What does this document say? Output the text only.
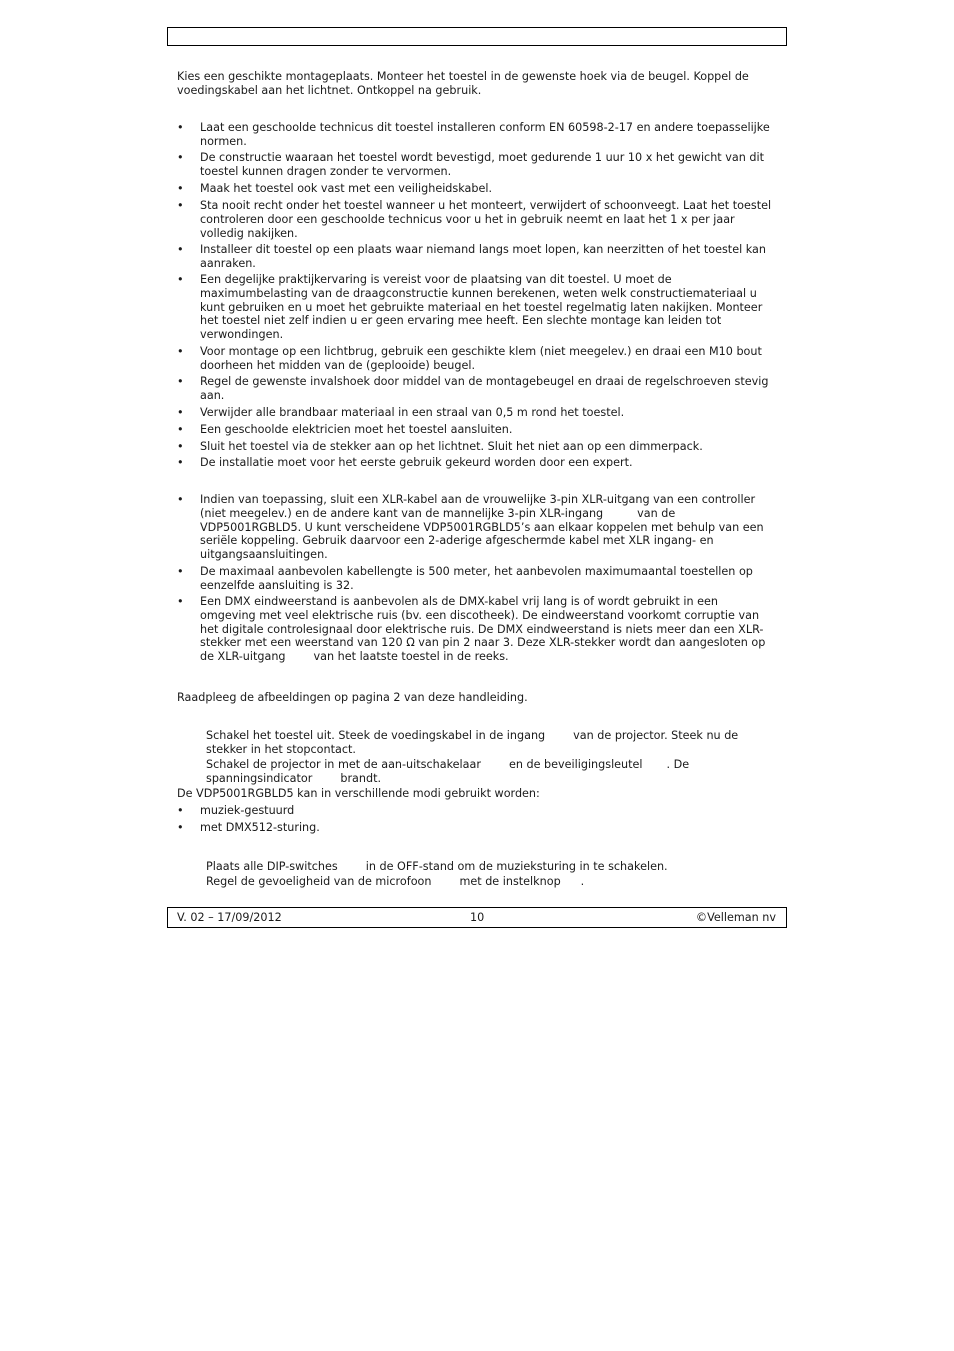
Kies een geschikte montageplaats. Monteer het toestel in de gewenste hoek via de beugel. Koppel de voedingskabel aan het lichtnet. Ontkoppel na gebruik.

• Laat een geschoolde technicus dit toestel installeren conform EN 60598-2-17 en andere toepasselijke normen.
• De constructie waaraan het toestel wordt bevestigd, moet gedurende 1 uur 10 x het gewicht van dit toestel kunnen dragen zonder te vervormen.
• Maak het toestel ook vast met een veiligheidskabel.
• Sta nooit recht onder het toestel wanneer u het monteert, verwijdert of schoonveegt. Laat het toestel controleren door een geschoolde technicus voor u het in gebruik neemt en laat het 1 x per jaar volledig nakijken.
• Installeer dit toestel op een plaats waar niemand langs moet lopen, kan neerzitten of het toestel kan aanraken.
• Een degelijke praktijkervaring is vereist voor de plaatsing van dit toestel. U moet de maximumbelasting van de draagconstructie kunnen berekenen, weten welk constructiemateriaal u kunt gebruiken en u moet het gebruikte materiaal en het toestel regelmatig laten nakijken. Monteer het toestel niet zelf indien u er geen ervaring mee heeft. Een slechte montage kan leiden tot verwondingen.
• Voor montage op een lichtbrug, gebruik een geschikte klem (niet meegelev.) en draai een M10 bout doorheen het midden van de (geplooide) beugel.
• Regel de gewenste invalshoek door middel van de montagebeugel en draai de regelschroeven stevig aan.
• Verwijder alle brandbaar materiaal in een straal van 0,5 m rond het toestel.
• Een geschoolde elektricien moet het toestel aansluiten.
• Sluit het toestel via de stekker aan op het lichtnet. Sluit het niet aan op een dimmerpack.
• De installatie moet voor het eerste gebruik gekeurd worden door een expert.
• Indien van toepassing, sluit een XLR-kabel aan de vrouwelijke 3-pin XLR-uitgang van een controller
(niet meegelev.) en de andere kant van de mannelijke 3-pin XLR-ingang	van de
VDP5001RGBLD5. U kunt verscheidene VDP5001RGBLD5’s aan elkaar koppelen met behulp van een seriële koppeling. Gebruik daarvoor een 2-aderige afgeschermde kabel met XLR ingang- en uitgangsaansluitingen.
• De maximaal aanbevolen kabellengte is 500 meter, het aanbevolen maximumaantal toestellen op eenzelfde aansluiting is 32.
• Een DMX eindweerstand is aanbevolen als de DMX-kabel vrij lang is of wordt gebruikt in een omgeving met veel elektrische ruis (bv. een discotheek). De eindweerstand voorkomt corruptie van het digitale controlesignaal door elektrische ruis. De DMX eindweerstand is niets meer dan een XLR-stekker met een weerstand van 120 Ω van pin 2 naar 3. Deze XLR-stekker wordt dan aangesloten op de XLR-uitgang	van het laatste toestel in de reeks.

Raadpleeg de afbeeldingen op pagina 2 van deze handleiding.

Schakel het toestel uit. Steek de voedingskabel in de ingang	van de projector. Steek nu de
stekker in het stopcontact.
Schakel de projector in met de aan-uitschakelaar	en de beveiligingsleutel . De
spanningsindicator	brandt.

De VDP5001RGBLD5 kan in verschillende modi gebruikt worden:

• muziek-gestuurd
• met DMX512-sturing.
Plaats alle DIP-switches	in de OFF-stand om de muzieksturing in te schakelen.
Regel de gevoeligheid van de microfoon	met de instelknop .
V. 02 – 17/09/2012	10	©Velleman nv
